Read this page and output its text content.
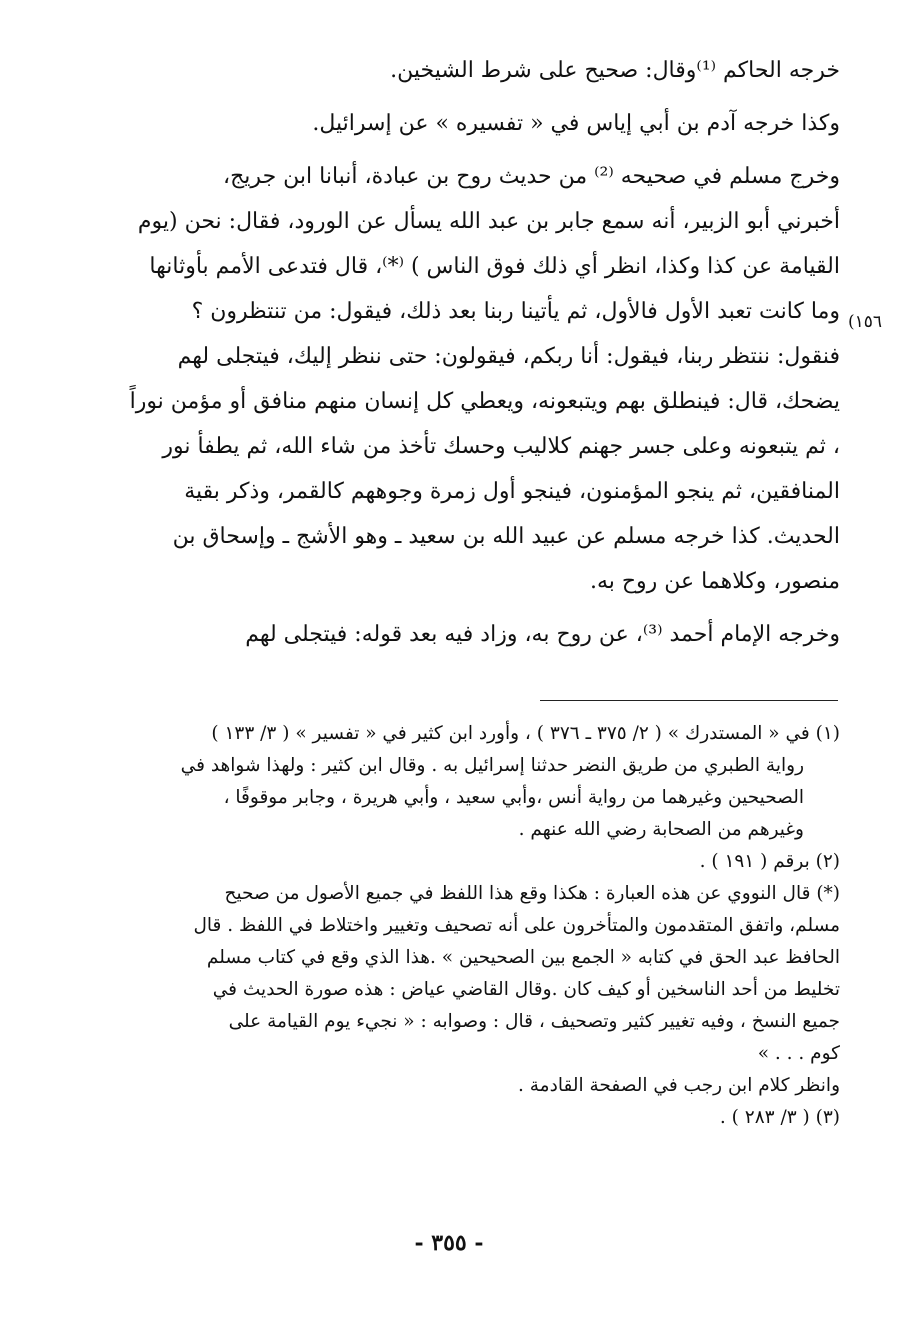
خرجه الحاكم ⁽¹⁾وقال: صحيح على شرط الشيخين.

وكذا خرجه آدم بن أبي إياس في « تفسيره » عن إسرائيل.

وخرج مسلم في صحيحه ⁽²⁾ من حديث روح بن عبادة، أنبانا ابن جريج،

أخبرني أبو الزبير، أنه سمع جابر بن عبد الله يسأل عن الورود، فقال: نحن (يوم

القيامة عن كذا وكذا، انظر أي ذلك فوق الناس ) ⁽*⁾، قال فتدعى الأمم بأوثانها

وما كانت تعبد الأول فالأول، ثم يأتينا ربنا بعد ذلك، فيقول: من تنتظرون ؟

فنقول: ننتظر ربنا، فيقول: أنا ربكم، فيقولون: حتى ننظر إليك، فيتجلى لهم

يضحك، قال: فينطلق بهم ويتبعونه، ويعطي كل إنسان منهم منافق أو مؤمن نوراً

، ثم يتبعونه وعلى جسر جهنم كلاليب وحسك تأخذ من شاء الله، ثم يطفأ نور

المنافقين، ثم ينجو المؤمنون، فينجو أول زمرة وجوههم كالقمر، وذكر بقية

الحديث. كذا خرجه مسلم عن عبيد الله بن سعيد ـ وهو الأشج ـ وإسحاق بن

منصور، وكلاهما عن روح به.

وخرجه الإمام أحمد ⁽³⁾، عن روح به، وزاد فيه بعد قوله: فيتجلى لهم

١٥٦)

(١) في « المستدرك » ( ٢/ ٣٧٥ ـ ٣٧٦ ) ، وأورد ابن كثير في « تفسير » ( ٣/ ١٣٣ )

رواية الطبري من طريق النضر حدثنا إسرائيل به . وقال ابن كثير : ولهذا شواهد في

الصحيحين وغيرهما من رواية أنس ،وأبي سعيد ، وأبي هريرة ، وجابر موقوفًا ،

وغيرهم من الصحابة رضي الله عنهم .

(٢) برقم ( ١٩١ ) .

(*) قال النووي عن هذه العبارة : هكذا وقع هذا اللفظ في جميع الأصول من صحيح

مسلم، واتفق المتقدمون والمتأخرون على أنه تصحيف وتغيير واختلاط في اللفظ . قال

الحافظ عبد الحق في كتابه « الجمع بين الصحيحين » .هذا الذي وقع في كتاب مسلم

تخليط من أحد الناسخين أو كيف كان .وقال القاضي عياض : هذه صورة الحديث في

جميع النسخ ، وفيه تغيير كثير وتصحيف ، قال : وصوابه : « نجيء يوم القيامة على

كوم . . . »

وانظر كلام ابن رجب في الصفحة القادمة .

(٣) ( ٣/ ٢٨٣ ) .

- ٣٥٥ -
